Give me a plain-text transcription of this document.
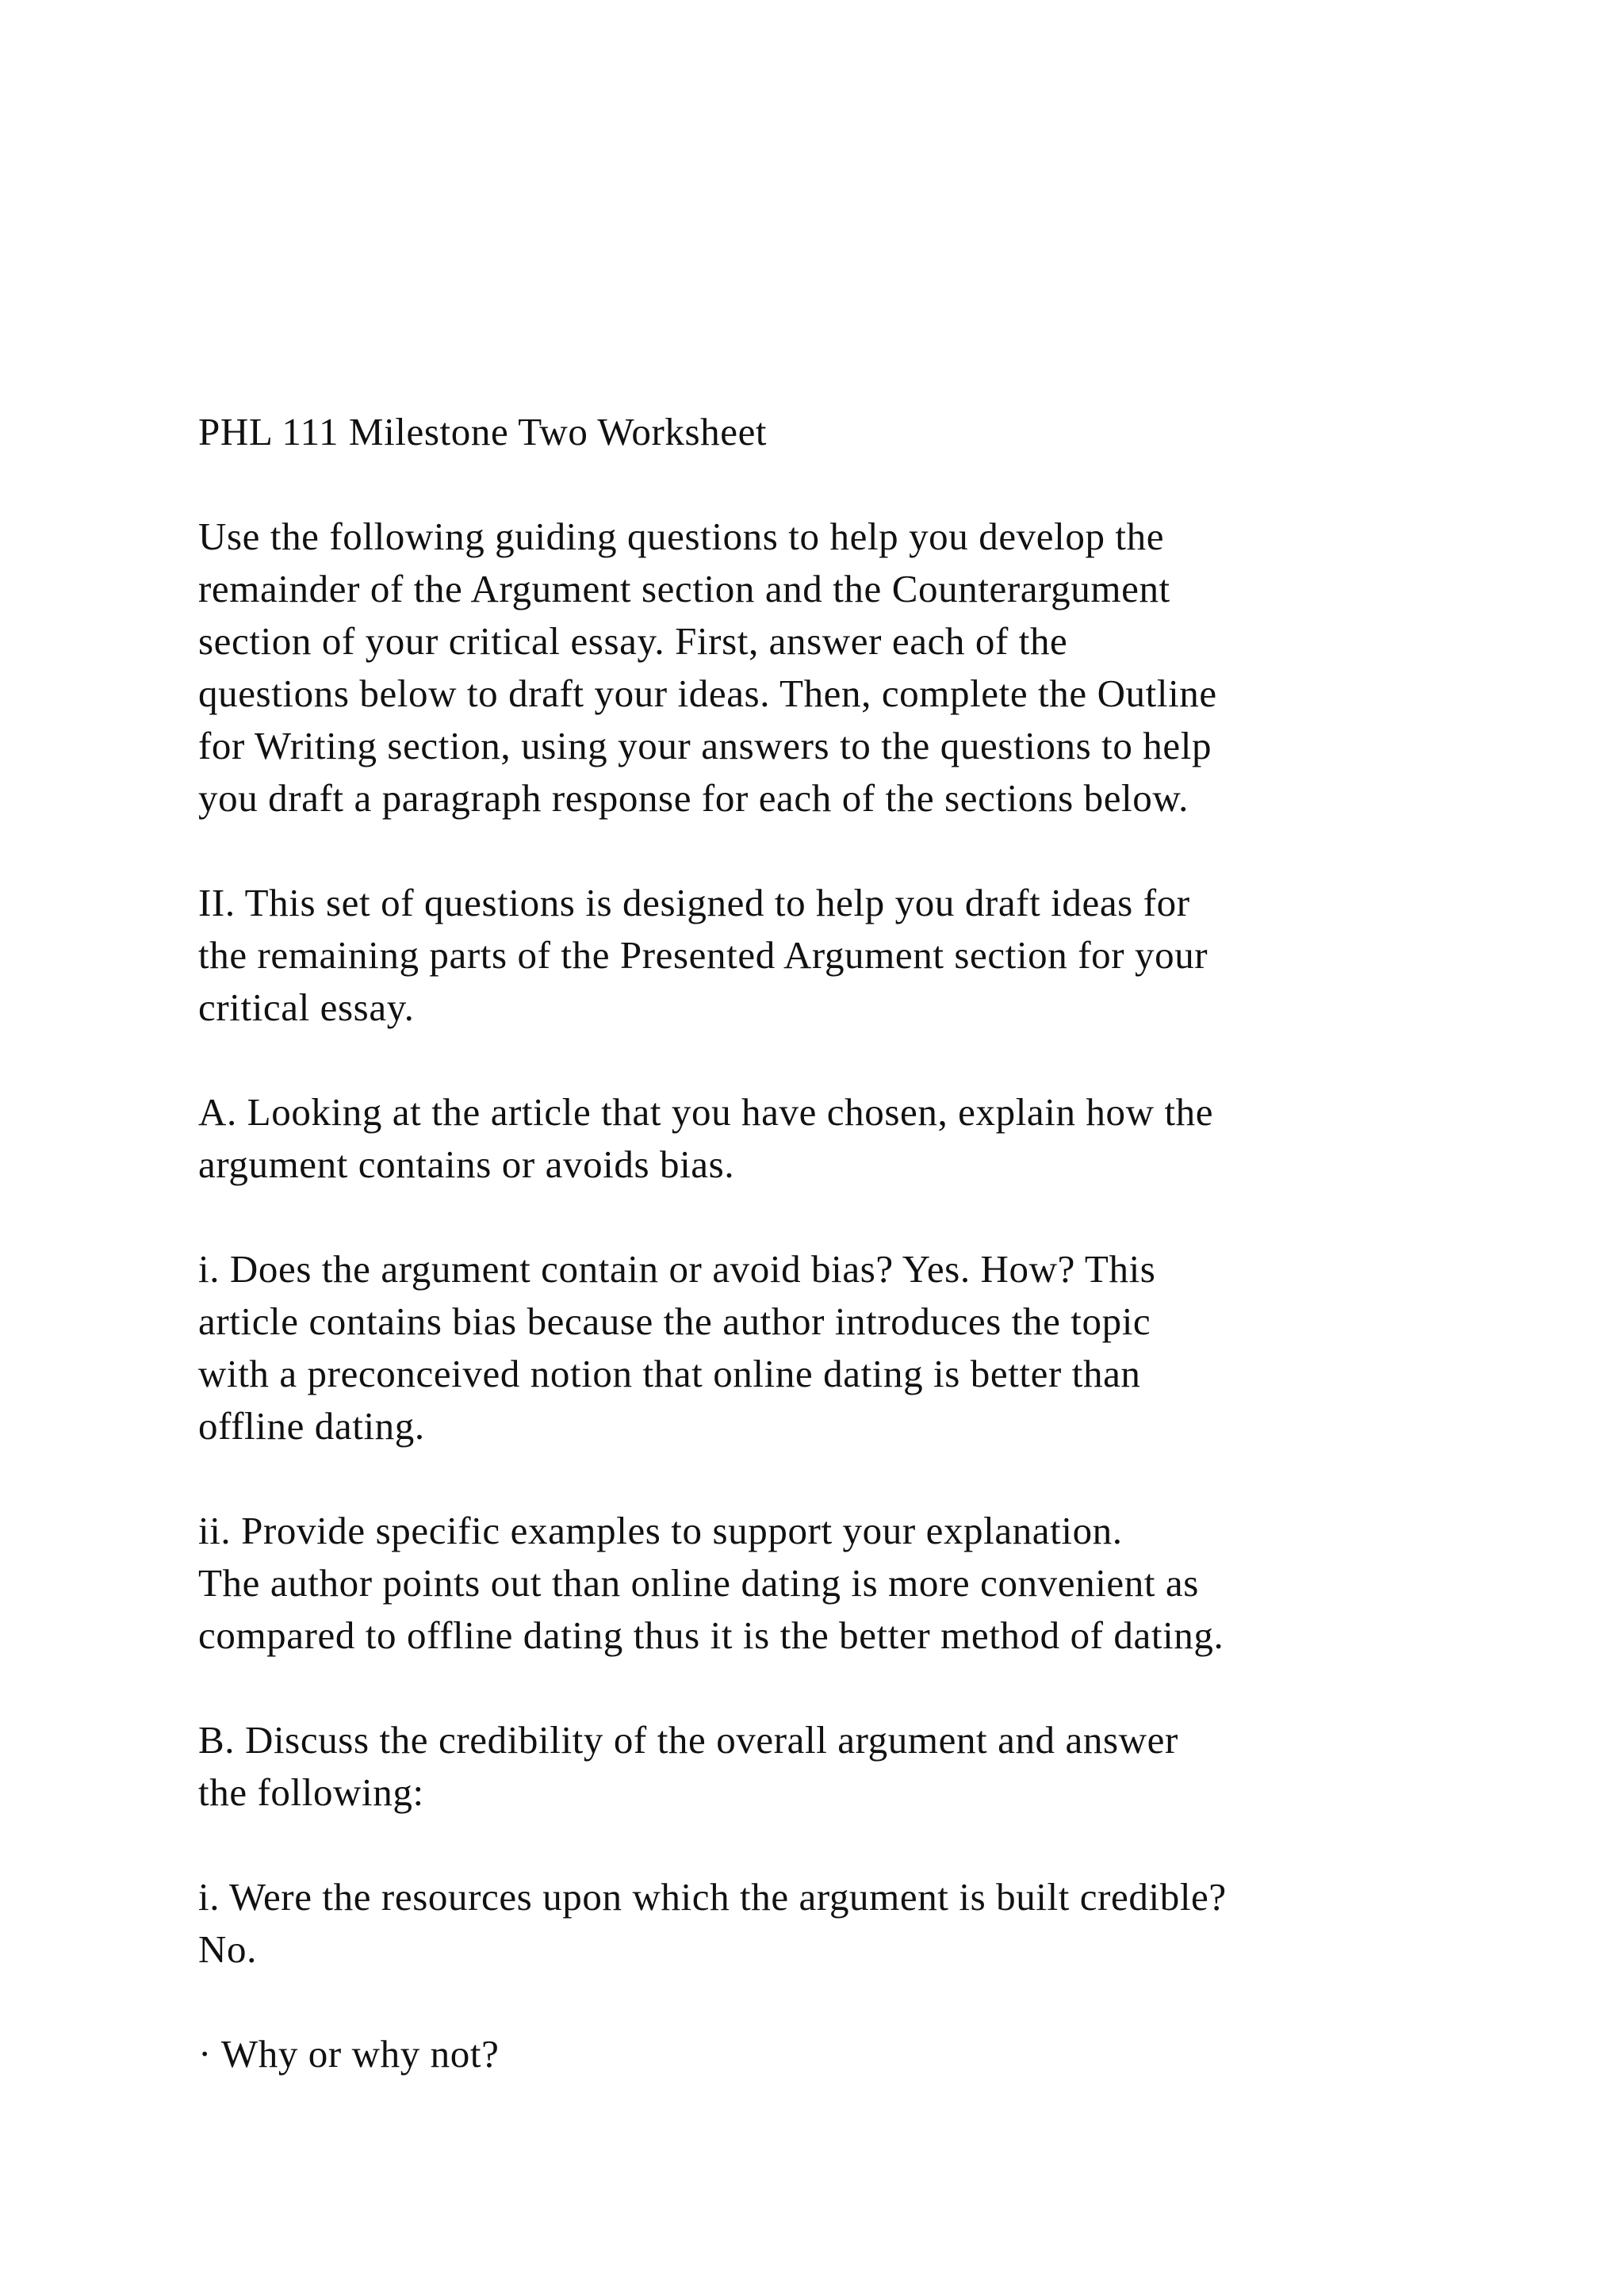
PHL 111 Milestone Two Worksheet
Use the following guiding questions to help you develop the
remainder of the Argument section and the Counterargument
section of your critical essay. First, answer each of the
questions below to draft your ideas. Then, complete the Outline
for Writing section, using your answers to the questions to help
you draft a paragraph response for each of the sections below.
II. This set of questions is designed to help you draft ideas for
the remaining parts of the Presented Argument section for your
critical essay.
A. Looking at the article that you have chosen, explain how the
argument contains or avoids bias.
i. Does the argument contain or avoid bias? Yes. How? This
article contains bias because the author introduces the topic
with a preconceived notion that online dating is better than
offline dating.
ii. Provide specific examples to support your explanation.
The author points out than online dating is more convenient as
compared to offline dating thus it is the better method of dating.
B. Discuss the credibility of the overall argument and answer
the following:
i. Were the resources upon which the argument is built credible?
No.
· Why or why not?
